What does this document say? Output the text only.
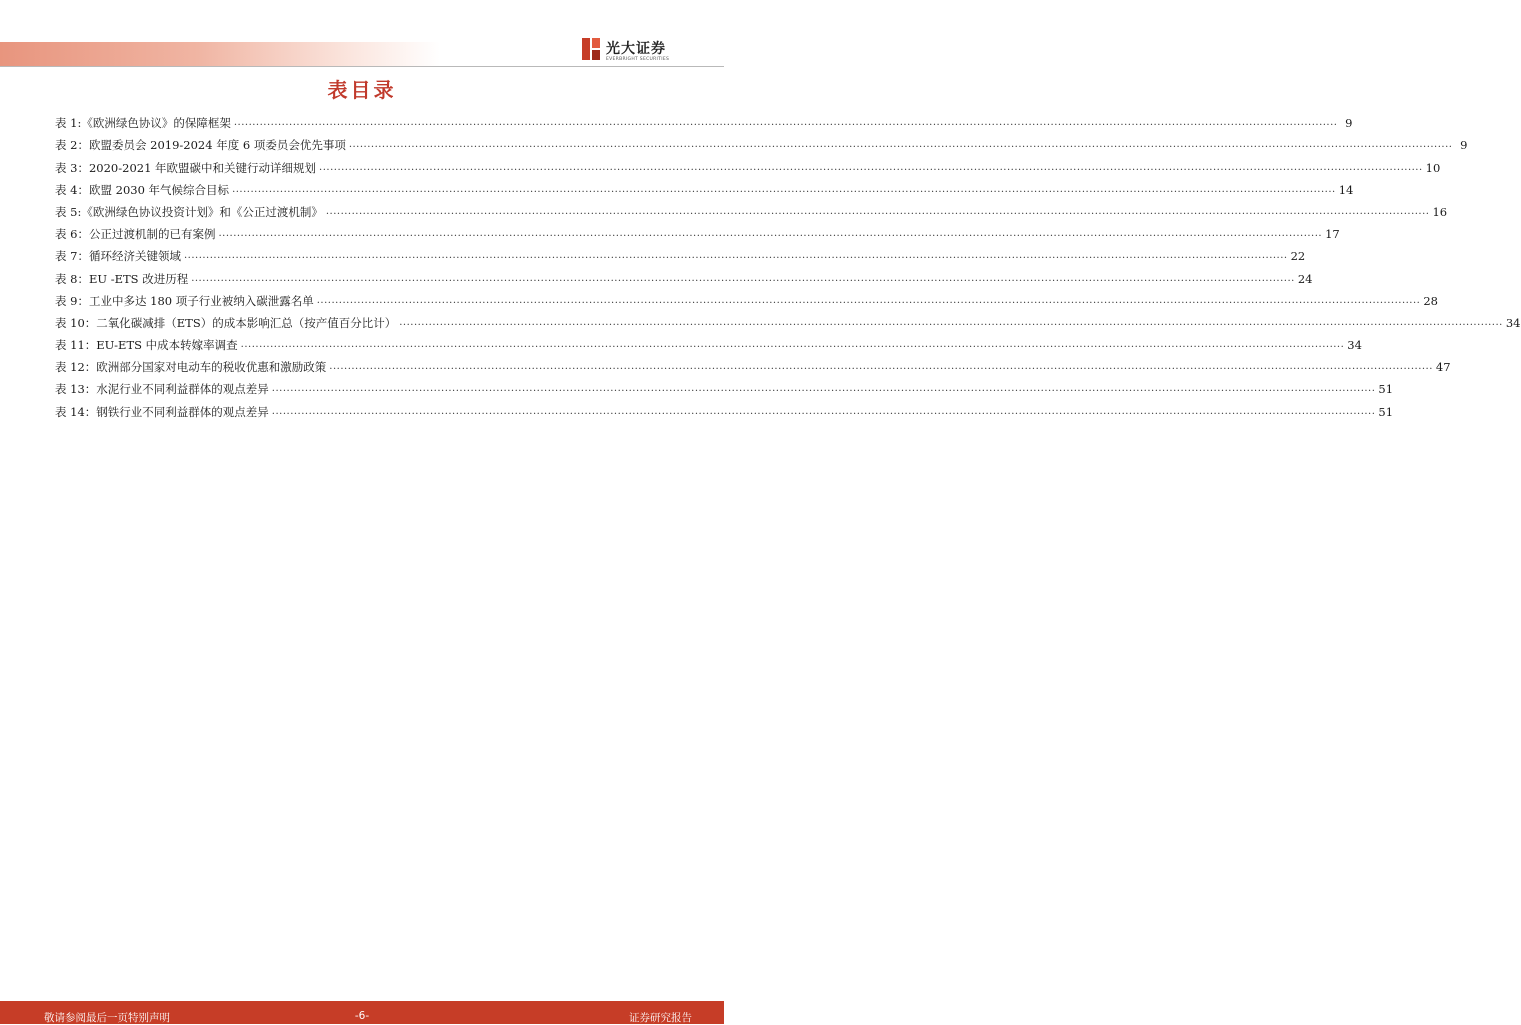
光大证券
EVERBRIGHT SECURITIES
表目录
表 1:《欧洲绿色协议》的保障框架 ............................................................................................................................................................................................................................................................................................................ 9
表 2：欧盟委员会 2019-2024 年度 6 项委员会优先事项 ............................................................................................................................................................................................................................................................................................................ 9
表 3：2020-2021 年欧盟碳中和关键行动详细规划 ............................................................................................................................................................................................................................................................................................................ 10
表 4：欧盟 2030 年气候综合目标 ............................................................................................................................................................................................................................................................................................................ 14
表 5:《欧洲绿色协议投资计划》和《公正过渡机制》 ............................................................................................................................................................................................................................................................................................................ 16
表 6：公正过渡机制的已有案例 ............................................................................................................................................................................................................................................................................................................ 17
表 7：循环经济关键领域 ............................................................................................................................................................................................................................................................................................................ 22
表 8：EU -ETS 改进历程 ............................................................................................................................................................................................................................................................................................................ 24
表 9：工业中多达 180 项子行业被纳入碳泄露名单 ............................................................................................................................................................................................................................................................................................................ 28
表 10：二氧化碳减排（ETS）的成本影响汇总（按产值百分比计） ............................................................................................................................................................................................................................................................................................................ 34
表 11：EU-ETS 中成本转嫁率调查 ............................................................................................................................................................................................................................................................................................................ 34
表 12：欧洲部分国家对电动车的税收优惠和激励政策 ............................................................................................................................................................................................................................................................................................................ 47
表 13：水泥行业不同利益群体的观点差异 ............................................................................................................................................................................................................................................................................................................ 51
表 14：钢铁行业不同利益群体的观点差异 ............................................................................................................................................................................................................................................................................................................ 51
敬请参阅最后一页特别声明	-6-	证券研究报告
